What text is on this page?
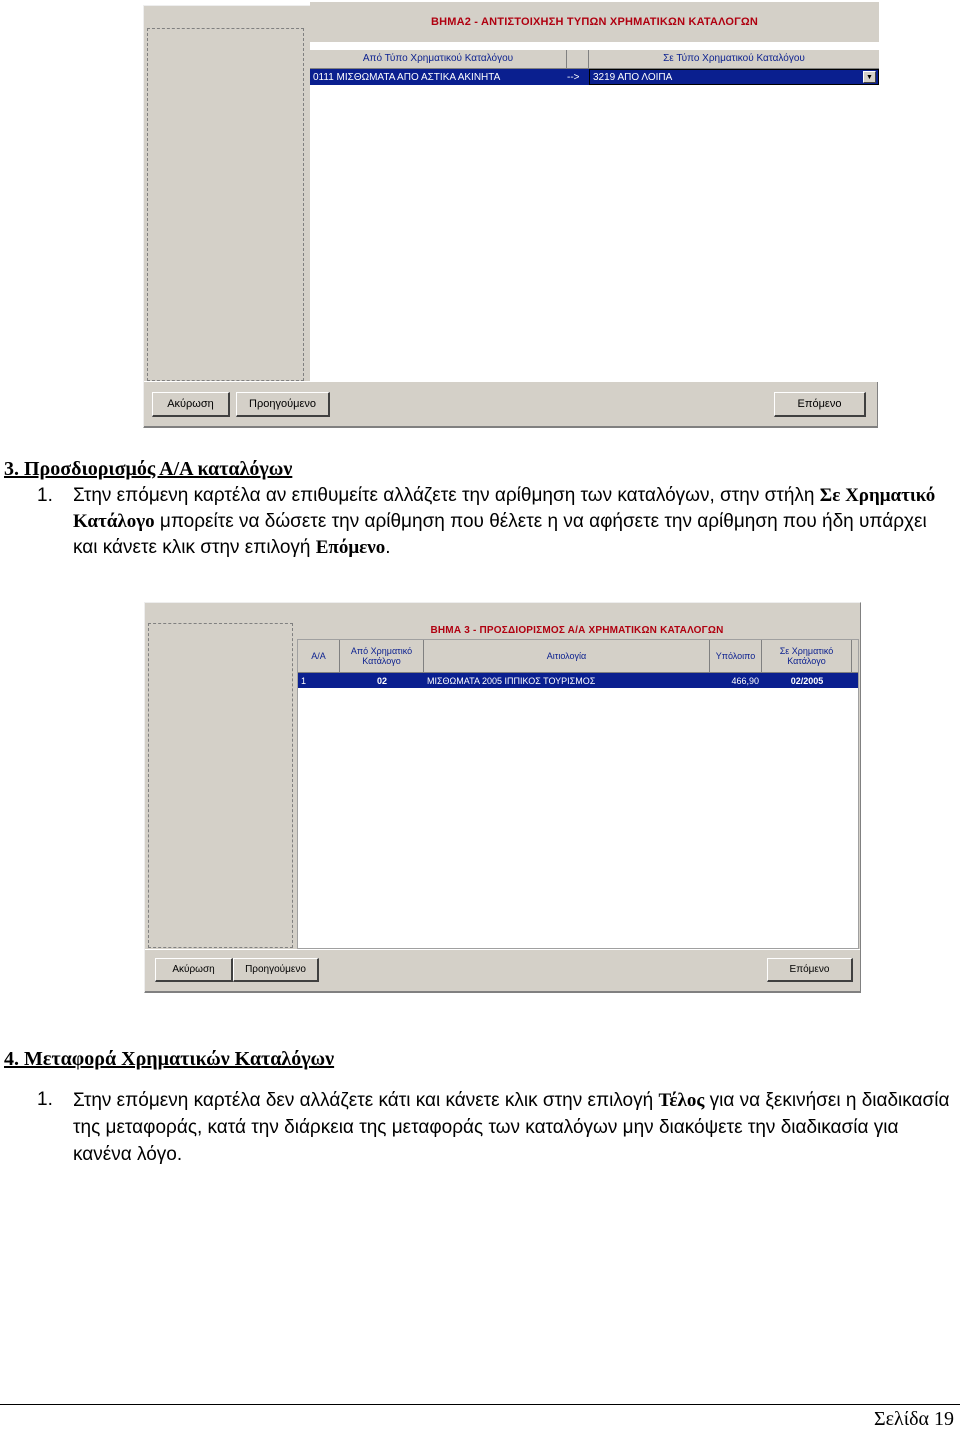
ΒΗΜΑ2 - ΑΝΤΙΣΤΟΙΧΗΣΗ ΤΥΠΩΝ ΧΡΗΜΑΤΙΚΩΝ ΚΑΤΑΛΟΓΩΝ
Από Τύπο Χρηματικού Καταλόγου	Σε Τύπο Χρηματικού Καταλόγου
0111 ΜΙΣΘΩΜΑΤΑ ΑΠΟ ΑΣΤΙΚΑ ΑΚΙΝΗΤΑ	-->	3219 ΑΠΟ ΛΟΙΠΑ	▼
Ακύρωση	Προηγούμενο	Επόμενο
3. Προσδιορισμός Α/Α καταλόγων
1. Στην επόμενη καρτέλα αν επιθυμείτε αλλάζετε την αρίθμηση των καταλόγων, στην στήλη Σε Χρηματικό Κατάλογο μπορείτε να δώσετε την αρίθμηση που θέλετε η να αφήσετε την αρίθμηση που ήδη υπάρχει και κάνετε κλικ στην επιλογή Επόμενο.
Α/Α	Από Χρηματικό Κατάλογο	Αιτιολογία	Υπόλοιπο	Σε Χρηματικό Κατάλογο
1	02	ΜΙΣΘΩΜΑΤΑ 2005 ΙΠΠΙΚΟΣ ΤΟΥΡΙΣΜΟΣ	466,90	02/2005
ΒΗΜΑ 3 - ΠΡΟΣΔΙΟΡΙΣΜΟΣ Α/Α ΧΡΗΜΑΤΙΚΩΝ ΚΑΤΑΛΟΓΩΝ
Ακύρωση	Προηγούμενο	Επόμενο
4. Μεταφορά Χρηματικών Καταλόγων
1. Στην επόμενη καρτέλα δεν αλλάζετε κάτι και κάνετε κλικ στην επιλογή Τέλος για να ξεκινήσει η διαδικασία της μεταφοράς, κατά την διάρκεια της μεταφοράς των καταλόγων μην διακόψετε την διαδικασία για κανένα λόγο.
Σελίδα 19
